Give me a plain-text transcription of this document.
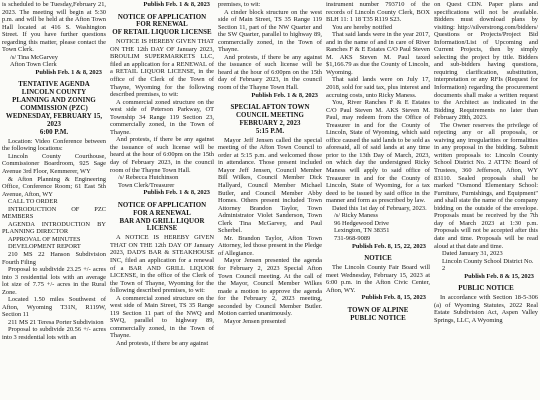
is scheduled to be Tuesday,February 21, 2023. The meeting will begin at 5:30 p.m. and will be held at the Afton Town Hall located at 416 S. Washington Street. If you have further questions regarding this matter, please contact the Town Clerk.

/s/ Tina McGarvey
Afton Town Clerk
Publish Feb. 1 & 8, 2023
TENTATIVE AGENDA
LINCOLN COUNTY
PLANNING AND ZONING
COMMISSION (PZC)
WEDNESDAY, FEBRUARY 15, 2023
6:00 P.M.

Location: Video Conference between the following locations:

Lincoln County Courthouse, Commissioner Boardroom, 925 Sage Avenue 3rd Floor, Kemmerer, WY

& Afton Planning & Engineering Office, Conference Room; 61 East 5th Avenue, Afton, WY

CALL TO ORDER

INTRODUCTION OF PZC MEMBERS

AGENDA INTRODUCTION BY PLANNING DIRECTOR

APPROVAL OF MINUTES

DEVELOPMENT REPORT

210 MS 22 Hanson Subdivision Fourth Filing

Proposal to subdivide 23.25 +/- acres into 3 residential lots with an average lot size of 7.75 +/- acres in the Rural Zone.

Located 1.50 miles Southwest of Afton, Wyoming T31N, R119W, Section 11

211 MS 21 Teresa Porter Subdivision

Proposal to subdivide 20.56 +/- acres into 3 residential lots with an

Publish Feb. 1 & 8, 2023
NOTICE OF APPLICATION
FOR RENEWAL
OF RETAIL LIQUOR LICENSE

NOTICE IS HEREBY GIVEN THAT ON THE 12th DAY OF January 2023, BROULIM SUPERMARKETS LLC, filed an application for a RENEWAL of a RETAIL LIQUOR LICENSE, in the office of the Clerk of the Town of Thayne, Wyoming for the following described premises, to wit:

A commercial zoned structure on the west side of Peterson Parkway, OT Township 34 Range 119 Section 23, commercially zoned, in the Town of Thayne.

And protests, if there be any against the issuance of such license will be heard at the hour of 6:00pm on the 15th day of February 2023, in the council room of the Thayne Town Hall.

/s/ Rebecca Hutchinson
Town Clerk/Treasurer
Publish Feb. 1 & 8, 2023
NOTICE OF APPLICATION
FOR A RENEWAL
BAR AND GRILL LIQUOR
LICENSE

A NOTICE IS HEREBY GIVEN THAT ON THE 12th DAY OF January 2023, DAD'S BAR & STEAKHOUSE INC, filed an application for a renewal of a BAR AND GRILL LIQUOR LICENSE, in the office of the Clerk of the Town of Thayne, Wyoming for the following described premises, to wit:

A commercial zoned structure on the west side of Main Street, TS 35 Range 119 Section 11 part of the NWQ and SWQ, parallel to highway 89, commercially zoned, in the Town of Thayne.

And protests, if there be any against

premises, to wit:

A cinder block structure on the west side of Main Street, TS 35 Range 119 Section 11, part of the NW Quarter and the SW Quarter, parallel to highway 89, commercially zoned, in the Town of Thayne.

And protests, if there be any against the issuance of such license will be heard at the hour of 6:00pm on the 15th day of February 2023, in the council room of the Thayne Town Hall.

Publish Feb. 1 & 8, 2023
SPECIAL AFTON TOWN
COUNCIL MEETING
FEBRUARY 2, 2023
5:15 P.M.

Mayor Jeff Jensen called the special meeting of the Afton Town Council to order at 5:15 p.m. and welcomed those in attendance. Those present included Mayor Jeff Jensen, Council Member Bill Wilkes, Council Member Dick Hallyard, Council Member Michael Butler, and Council Member Abby Homes. Others present included Town Attorney Brandon Taylor, Town Administrator Violet Sanderson, Town Clerk Tina McGarvey, and Paul Scherbel.

Mr. Brandon Taylor, Afton Town Attorney, led those present in the Pledge of Allegiance.

Mayor Jensen presented the agenda for February 2, 2023 Special Afton Town Council meeting. At the call of the Mayor, Council Member Wilkes made a motion to approve the agenda for the February 2, 2023 meeting, seconded by Council Member Butler. Motion carried unanimously.

Mayor Jensen presented

instrument number 793710 of the records of Lincoln County Clerk, BOX BLH 11: 1 18 T35 R119 S23.

You are hereby notified

That said lands were in the year 2017, and in the name of and in care of River Ranches F & E Estates C/O Paul Steven M. AKS Steven M. Paul taxed $1,166.79 as due the County of Lincoln, Wyoming.

That said lands were on July 17, 2018, sold for said tax, plus interest and accruing costs, unto Ricky Maness.

You, River Ranches F & E Estates C/O Paul Steven M. AKS Steven M. Paul, may redeem from the Office of Treasurer in and for the County of Lincoln, State of Wyoming, which said office caused the said lands to be sold as aforesaid, all of said lands at any time prior to the 13th Day of March, 2023, on which day the undersigned Ricky Maness will apply to said office of Treasurer in and for the County of Lincoln, State of Wyoming, for a tax deed to be issued by said office in the manner and form as prescribed by law.

Dated this 1st day of February, 2023.

/s/ Ricky Maness
96 Hedgewood Drive
Lexington, TN 38351
731-968-9089
Publish Feb. 8, 15, 22, 2023
NOTICE

The Lincoln County Fair Board will meet Wednesday, February 15, 2023 at 6:00 p.m. in the Afton Civic Center, Afton, WY.

Publish Feb. 8, 15, 2023
TOWN OF ALPINE
PUBLIC NOTICE

on Quest CDN. Paper plans and specifications will not be available. Bidders must download plans by visiting: http://silverstrong.com/bidders/ Questions or Projects/Project Bid Information/List of Upcoming and Current Projects, then by simply selecting the project by title. Bidders and sub-bidders having questions, requiring clarification, substitution, interpretation or any RFIs (Request for Information) regarding the procurement documents shall make a written request to the Architect as indicated in the Bidding Requirements no later than February 28th, 2023.

The Owner reserves the privilege of rejecting any or all proposals, or waiving any irregularities or formalities in any proposal in the bidding. Submit written proposals to: Lincoln County School District No. 2 ATTN: Board of Trustees, 360 Jefferson, Afton, WY 83110. Sealed proposals shall be marked "Osmond Elementary School: Furniture, Furnishings, and Equipment" and shall state the name of the company bidding on the outside of the envelope. Proposals must be received by the 7th day of March 2023 at 1:30 p.m. Proposals will not be accepted after this date and time. Proposals will be read aloud at that date and time.

Dated January 31, 2023
Lincoln County School District No. 2
Publish Feb. 8 & 15, 2023
PUBLIC NOTICE

In accordance with Section 18-5-306 (a) of Wyoming Statutes, 2022 Real Estate Subdivision Act, Aspen Valley Springs, LLC, A Wyoming
